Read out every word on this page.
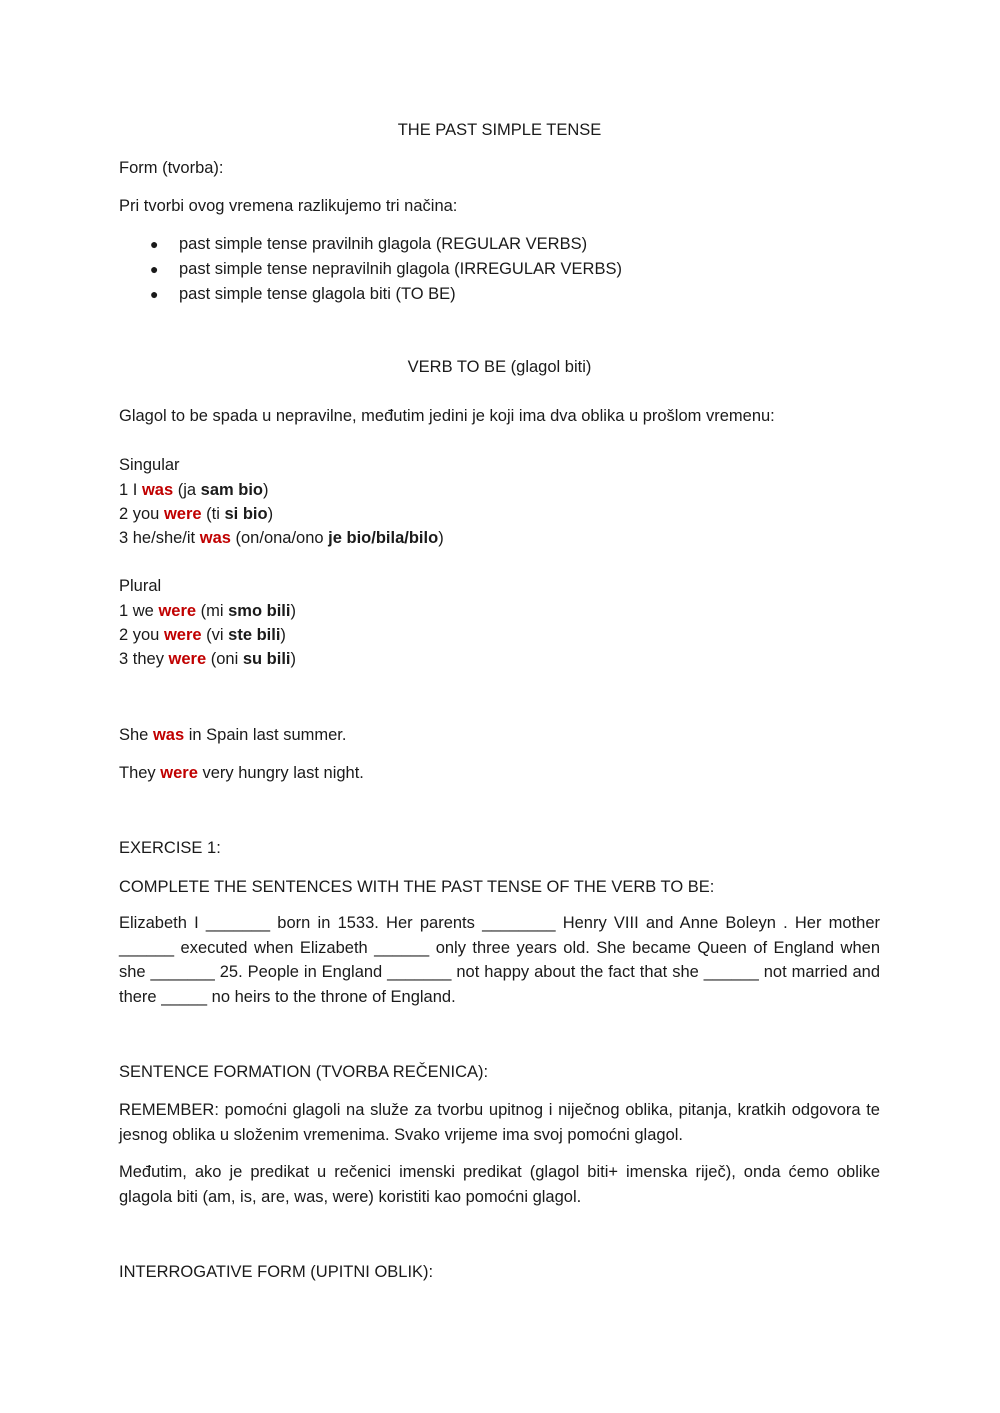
THE PAST SIMPLE TENSE
Form (tvorba):
Pri tvorbi ovog vremena razlikujemo tri načina:
● past simple tense pravilnih glagola (REGULAR VERBS)
● past simple tense nepravilnih glagola (IRREGULAR VERBS)
● past simple tense glagola biti (TO BE)
VERB TO BE (glagol biti)
Glagol to be spada u nepravilne, međutim jedini je koji ima dva oblika u prošlom vremenu:
Singular
1 I was (ja sam bio)
2 you were (ti si bio)
3 he/she/it was (on/ona/ono je bio/bila/bilo)
Plural
1 we were (mi smo bili)
2 you were (vi ste bili)
3 they were (oni su bili)
She was in Spain last summer.
They were very hungry last night.
EXERCISE 1:
COMPLETE THE SENTENCES WITH THE PAST TENSE OF THE VERB TO BE:
Elizabeth I _______ born in 1533. Her parents ________ Henry VIII and Anne Boleyn . Her mother ______ executed when Elizabeth ______ only three years old. She became Queen of England when she _______ 25. People in England _______ not happy about the fact that she ______ not married and there _____ no heirs to the throne of England.
SENTENCE FORMATION (TVORBA REČENICA):
REMEMBER: pomoćni glagoli na služe za tvorbu upitnog i niječnog oblika, pitanja, kratkih odgovora te jesnog oblika u složenim vremenima. Svako vrijeme ima svoj pomoćni glagol.
Međutim, ako je predikat u rečenici imenski predikat (glagol biti+ imenska riječ), onda ćemo oblike glagola biti (am, is, are, was, were) koristiti kao pomoćni glagol.
INTERROGATIVE FORM (UPITNI OBLIK):
